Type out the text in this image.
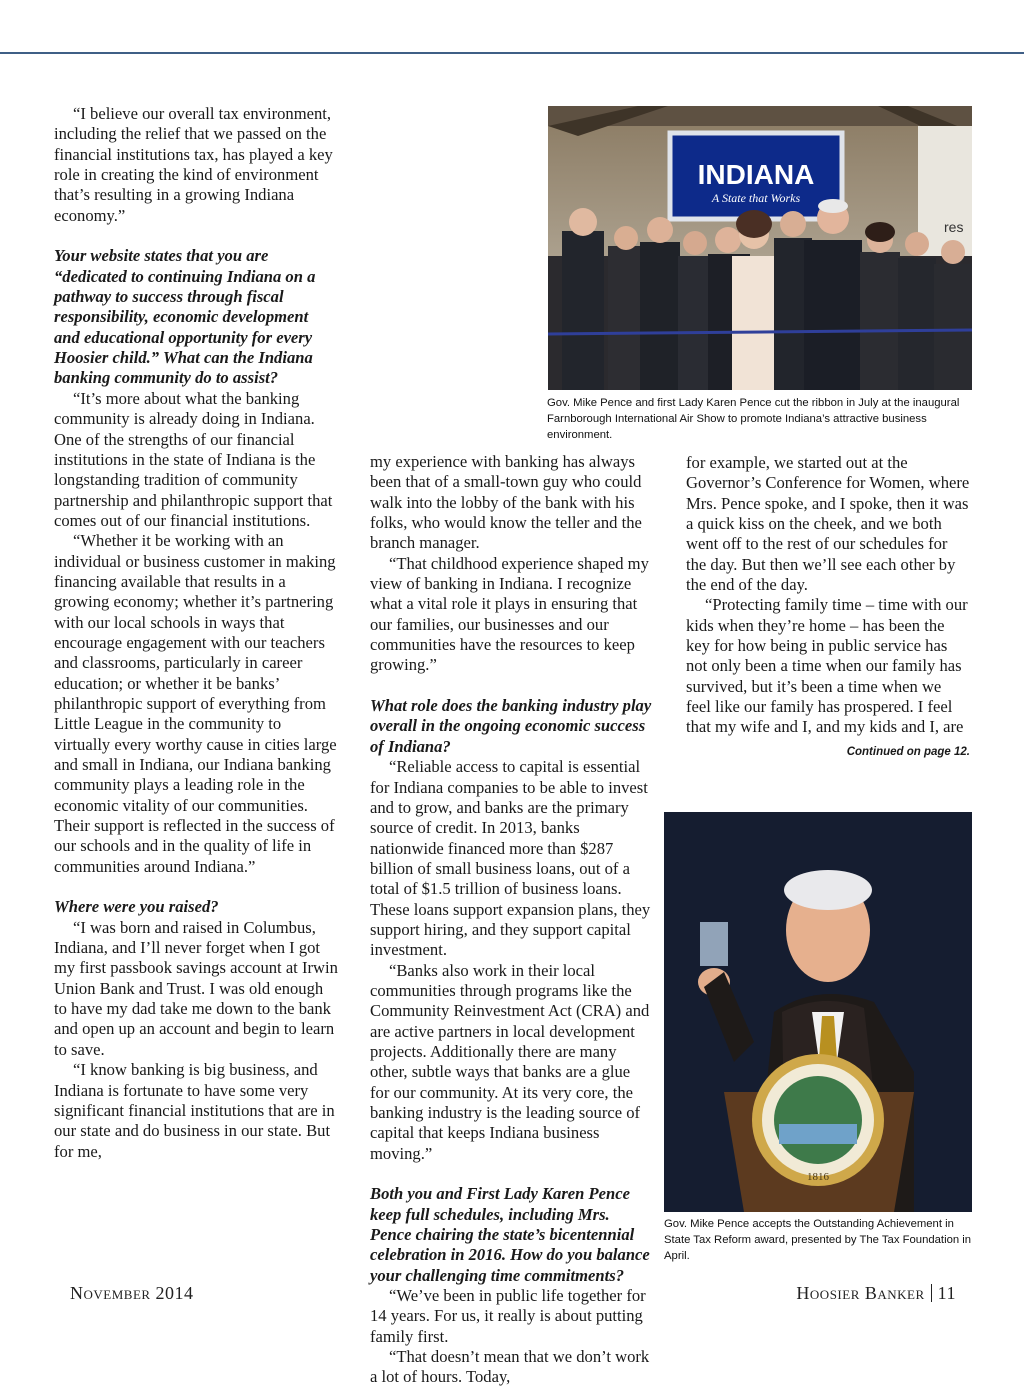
“I believe our overall tax environment, including the relief that we passed on the financial institutions tax, has played a key role in creating the kind of environment that’s resulting in a growing Indiana economy.”

Your website states that you are “dedicated to continuing Indiana on a pathway to success through fiscal responsibility, economic development and educational opportunity for every Hoosier child.” What can the Indiana banking community do to assist?

“It’s more about what the banking community is already doing in Indiana. One of the strengths of our financial institutions in the state of Indiana is the longstanding tradition of community partnership and philanthropic support that comes out of our financial institutions.

“Whether it be working with an individual or business customer in making financing available that results in a growing economy; whether it’s partnering with our local schools in ways that encourage engagement with our teachers and classrooms, particularly in career education; or whether it be banks’ philanthropic support of everything from Little League in the community to virtually every worthy cause in cities large and small in Indiana, our Indiana banking community plays a leading role in the economic vitality of our communities. Their support is reflected in the success of our schools and in the quality of life in communities around Indiana.”

Where were you raised?

“I was born and raised in Columbus, Indiana, and I’ll never forget when I got my first passbook savings account at Irwin Union Bank and Trust. I was old enough to have my dad take me down to the bank and open up an account and begin to learn to save.

“I know banking is big business, and Indiana is fortunate to have some very significant financial institutions that are in our state and do business in our state. But for me,

my experience with banking has always been that of a small-town guy who could walk into the lobby of the bank with his folks, who would know the teller and the branch manager.

“That childhood experience shaped my view of banking in Indiana. I recognize what a vital role it plays in ensuring that our families, our businesses and our communities have the resources to keep growing.”

What role does the banking industry play overall in the ongoing economic success of Indiana?

“Reliable access to capital is essential for Indiana companies to be able to invest and to grow, and banks are the primary source of credit. In 2013, banks nationwide financed more than $287 billion of small business loans, out of a total of $1.5 trillion of business loans. These loans support expansion plans, they support hiring, and they support capital investment.

“Banks also work in their local communities through programs like the Community Reinvestment Act (CRA) and are active partners in local development projects. Additionally there are many other, subtle ways that banks are a glue for our community. At its very core, the banking industry is the leading source of capital that keeps Indiana business moving.”

Both you and First Lady Karen Pence keep full schedules, including Mrs. Pence chairing the state’s bicentennial celebration in 2016. How do you balance your challenging time commitments?

“We’ve been in public life together for 14 years. For us, it really is about putting family first.

“That doesn’t mean that we don’t work a lot of hours. Today,

res
INDIANA
A State that Works
Gov. Mike Pence and first Lady Karen Pence cut the ribbon in July at the inaugural Farnborough International Air Show to promote Indiana’s attractive business environment.

for example, we started out at the Governor’s Conference for Women, where Mrs. Pence spoke, and I spoke, then it was a quick kiss on the cheek, and we both went off to the rest of our schedules for the day. But then we’ll see each other by the end of the day.

“Protecting family time – time with our kids when they’re home – has been the key for how being in public service has not only been a time when our family has survived, but it’s been a time when we feel like our family has prospered. I feel that my wife and I, and my kids and I, are

Continued on page 12.
1816
Gov. Mike Pence accepts the Outstanding Achievement in State Tax Reform award, presented by The Tax Foundation in April.
November 2014	Hoosier Banker 11
